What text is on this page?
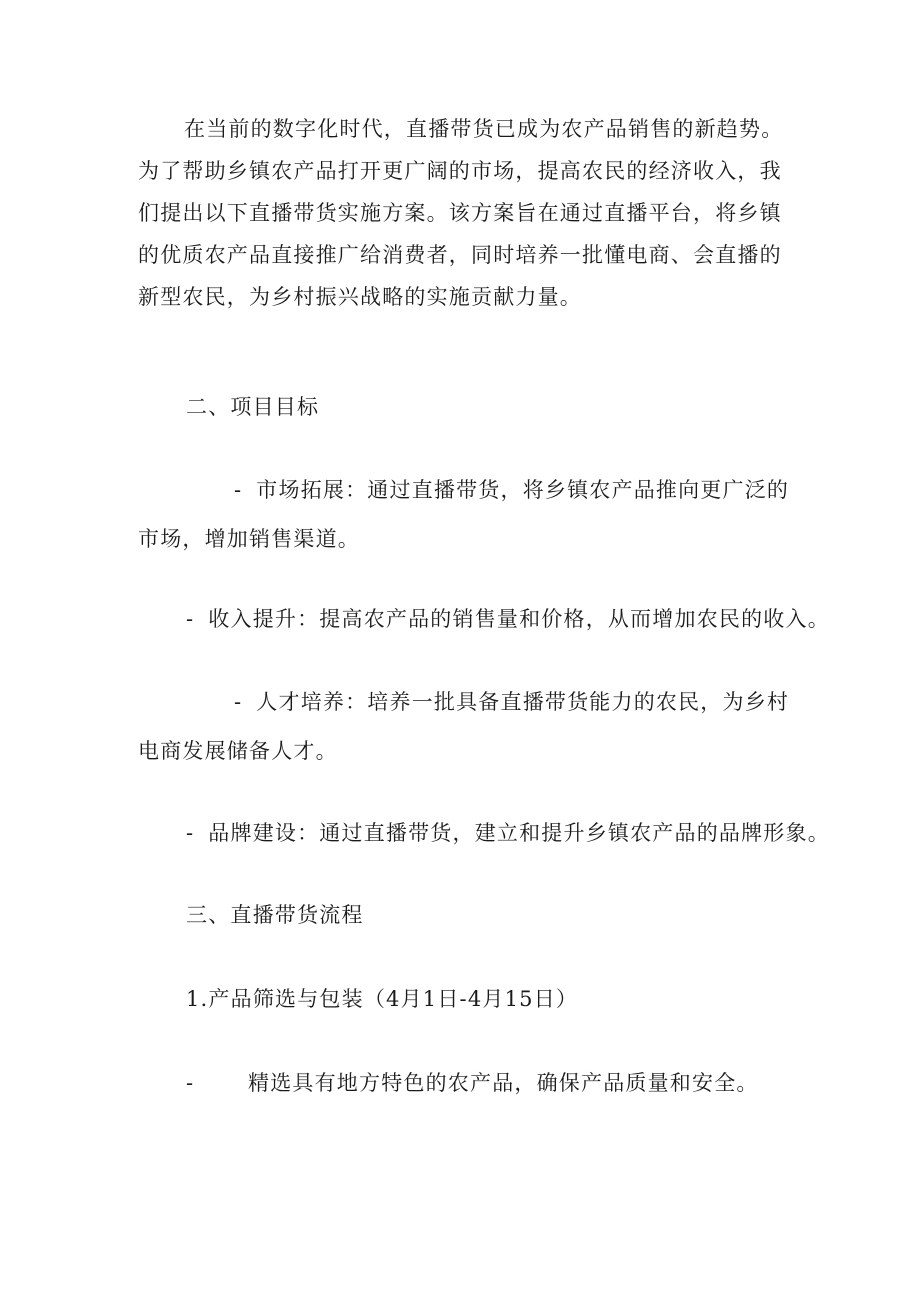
在当前的数字化时代，直播带货已成为农产品销售的新趋势。为了帮助乡镇农产品打开更广阔的市场，提高农民的经济收入，我们提出以下直播带货实施方案。该方案旨在通过直播平台，将乡镇的优质农产品直接推广给消费者，同时培养一批懂电商、会直播的新型农民，为乡村振兴战略的实施贡献力量。

二、项目目标

- 市场拓展：通过直播带货，将乡镇农产品推向更广泛的市场，增加销售渠道。

- 收入提升：提高农产品的销售量和价格，从而增加农民的收入。

- 人才培养：培养一批具备直播带货能力的农民，为乡村电商发展储备人才。

- 品牌建设：通过直播带货，建立和提升乡镇农产品的品牌形象。

三、直播带货流程

1.产品筛选与包装（4月1日-4月15日）

-	精选具有地方特色的农产品，确保产品质量和安全。
